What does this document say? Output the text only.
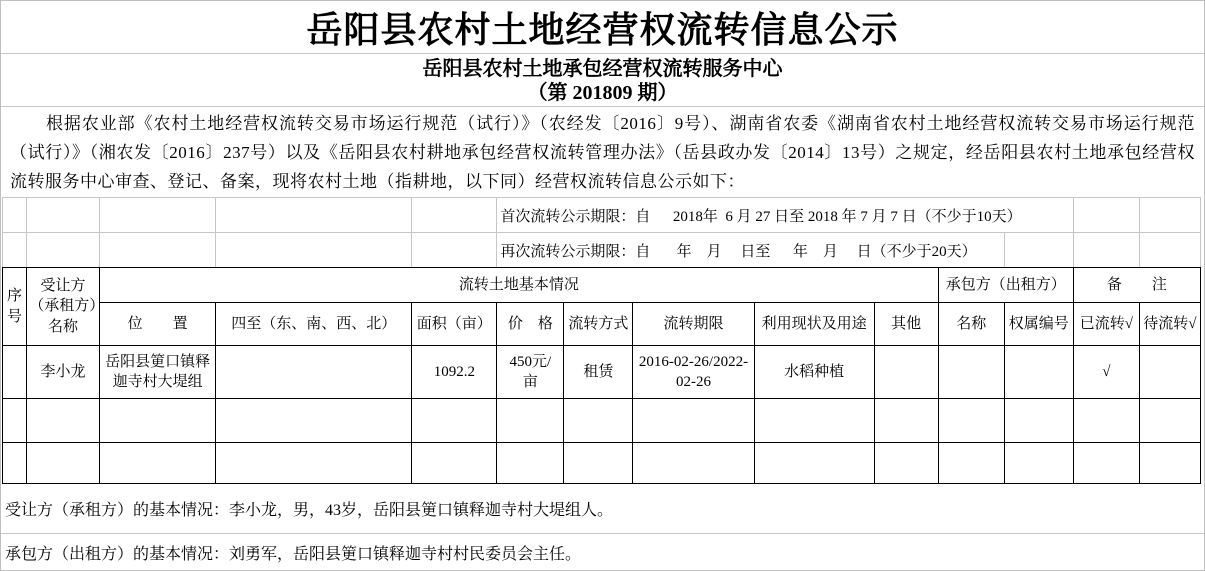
岳阳县农村土地经营权流转信息公示
岳阳县农村土地承包经营权流转服务中心
（第 201809 期）
根据农业部《农村土地经营权流转交易市场运行规范（试行）》（农经发〔2016〕9号）、湖南省农委《湖南省农村土地经营权流转交易市场运行规范（试行）》（湘农发〔2016〕237号）以及《岳阳县农村耕地承包经营权流转管理办法》（岳县政办发〔2014〕13号）之规定，经岳阳县农村土地承包经营权流转服务中心审查、登记、备案，现将农村土地（指耕地，以下同）经营权流转信息公示如下：
					首次流转公示期限：自      2018年  6 月 27 日至 2018 年 7 月 7 日（不少于10天）			
					再次流转公示期限：自       年    月     日至      年    月     日（不少于20天）			
序号	受让方（承租方）名称	流转土地基本情况								承包方（出租方）		备　　注	
		位　　置	四至（东、南、西、北）	面积（亩）	价　格	流转方式	流转期限	利用现状及用途	其他	名称	权属编号	已流转√	待流转√
	李小龙	岳阳县筻口镇释迦寺村大堤组		1092.2	450元/亩	租赁	2016-02-26/2022-02-26	水稻种植				√	

受让方（承租方）的基本情况：李小龙，男，43岁，岳阳县筻口镇释迦寺村大堤组人。
承包方（出租方）的基本情况：刘勇军，岳阳县筻口镇释迦寺村村民委员会主任。
